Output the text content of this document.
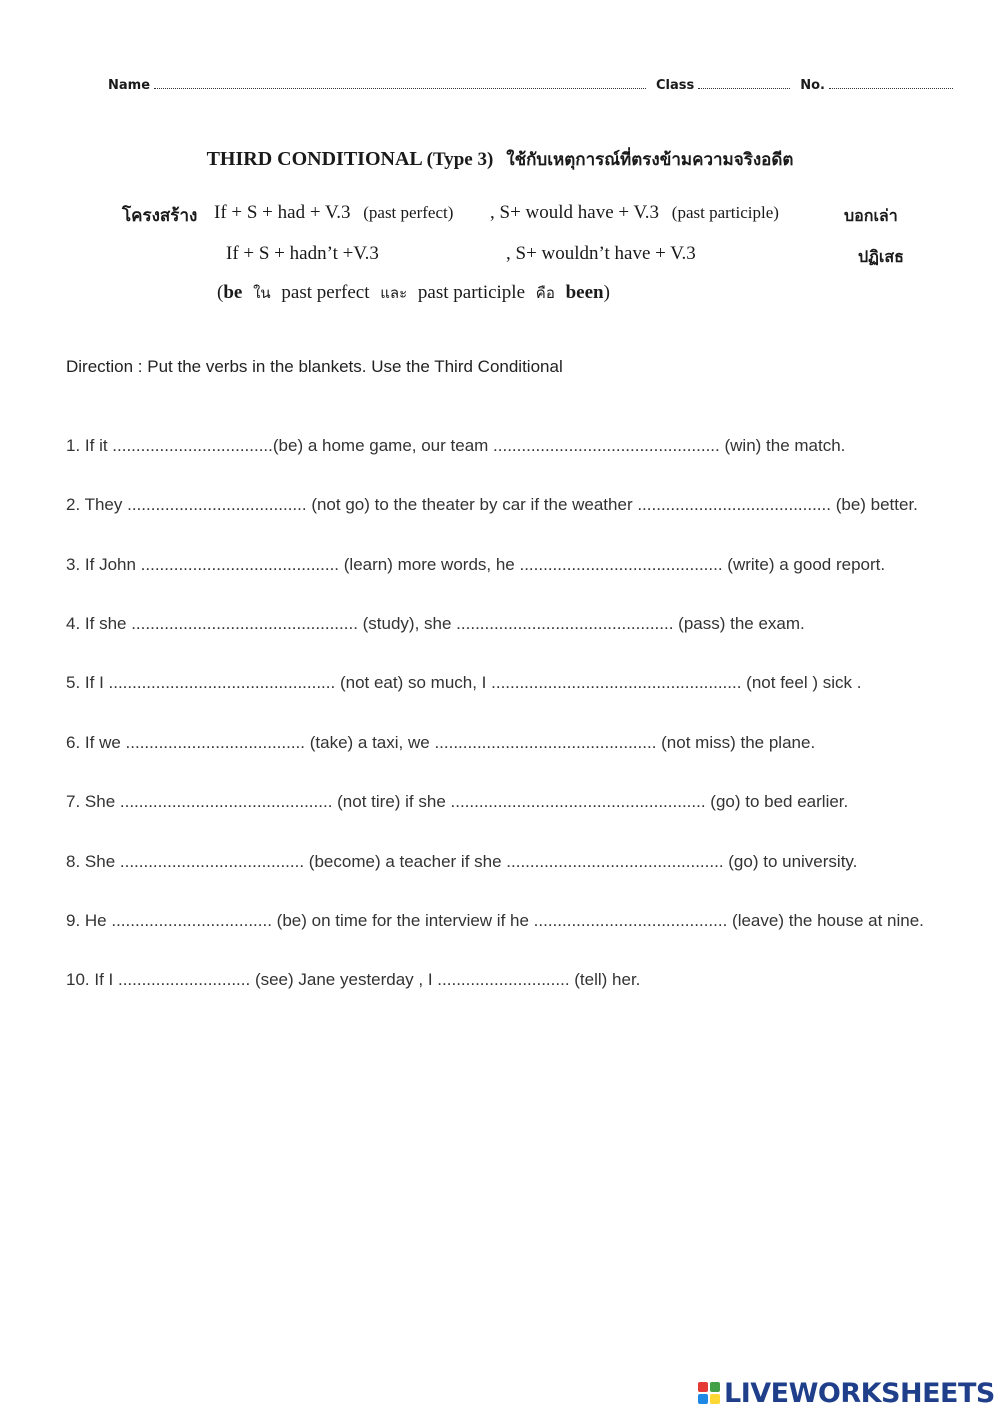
Name	Class	No.
THIRD CONDITIONAL (Type 3) ใช้กับเหตุการณ์ที่ตรงข้ามความจริงอดีต
โครงสร้าง If + S + had + V.3 (past perfect) , S+ would have + V.3 (past participle)	บอกเล่า
If + S + hadn’t +V.3	, S+ wouldn’t have + V.3	ปฏิเสธ
(be ใน past perfect และ past participle คือ been)
Direction : Put the verbs in the blankets. Use the Third Conditional
1. If it ..................................(be) a home game, our team ................................................ (win) the match.
2. They ...................................... (not go) to the theater by car if the weather ......................................... (be) better.
3. If John .......................................... (learn) more words, he ........................................... (write) a good report.
4. If she ................................................ (study), she .............................................. (pass) the exam.
5. If I ................................................ (not eat) so much, I ..................................................... (not feel ) sick .
6. If we ...................................... (take) a taxi, we ............................................... (not miss) the plane.
7. She ............................................. (not tire) if she ...................................................... (go) to bed earlier.
8. She ....................................... (become) a teacher if she .............................................. (go) to university.
9. He .................................. (be) on time for the interview if he ......................................... (leave) the house at nine.
10. If I ............................ (see) Jane yesterday , I ............................ (tell) her.
LIVEWORKSHEETS
